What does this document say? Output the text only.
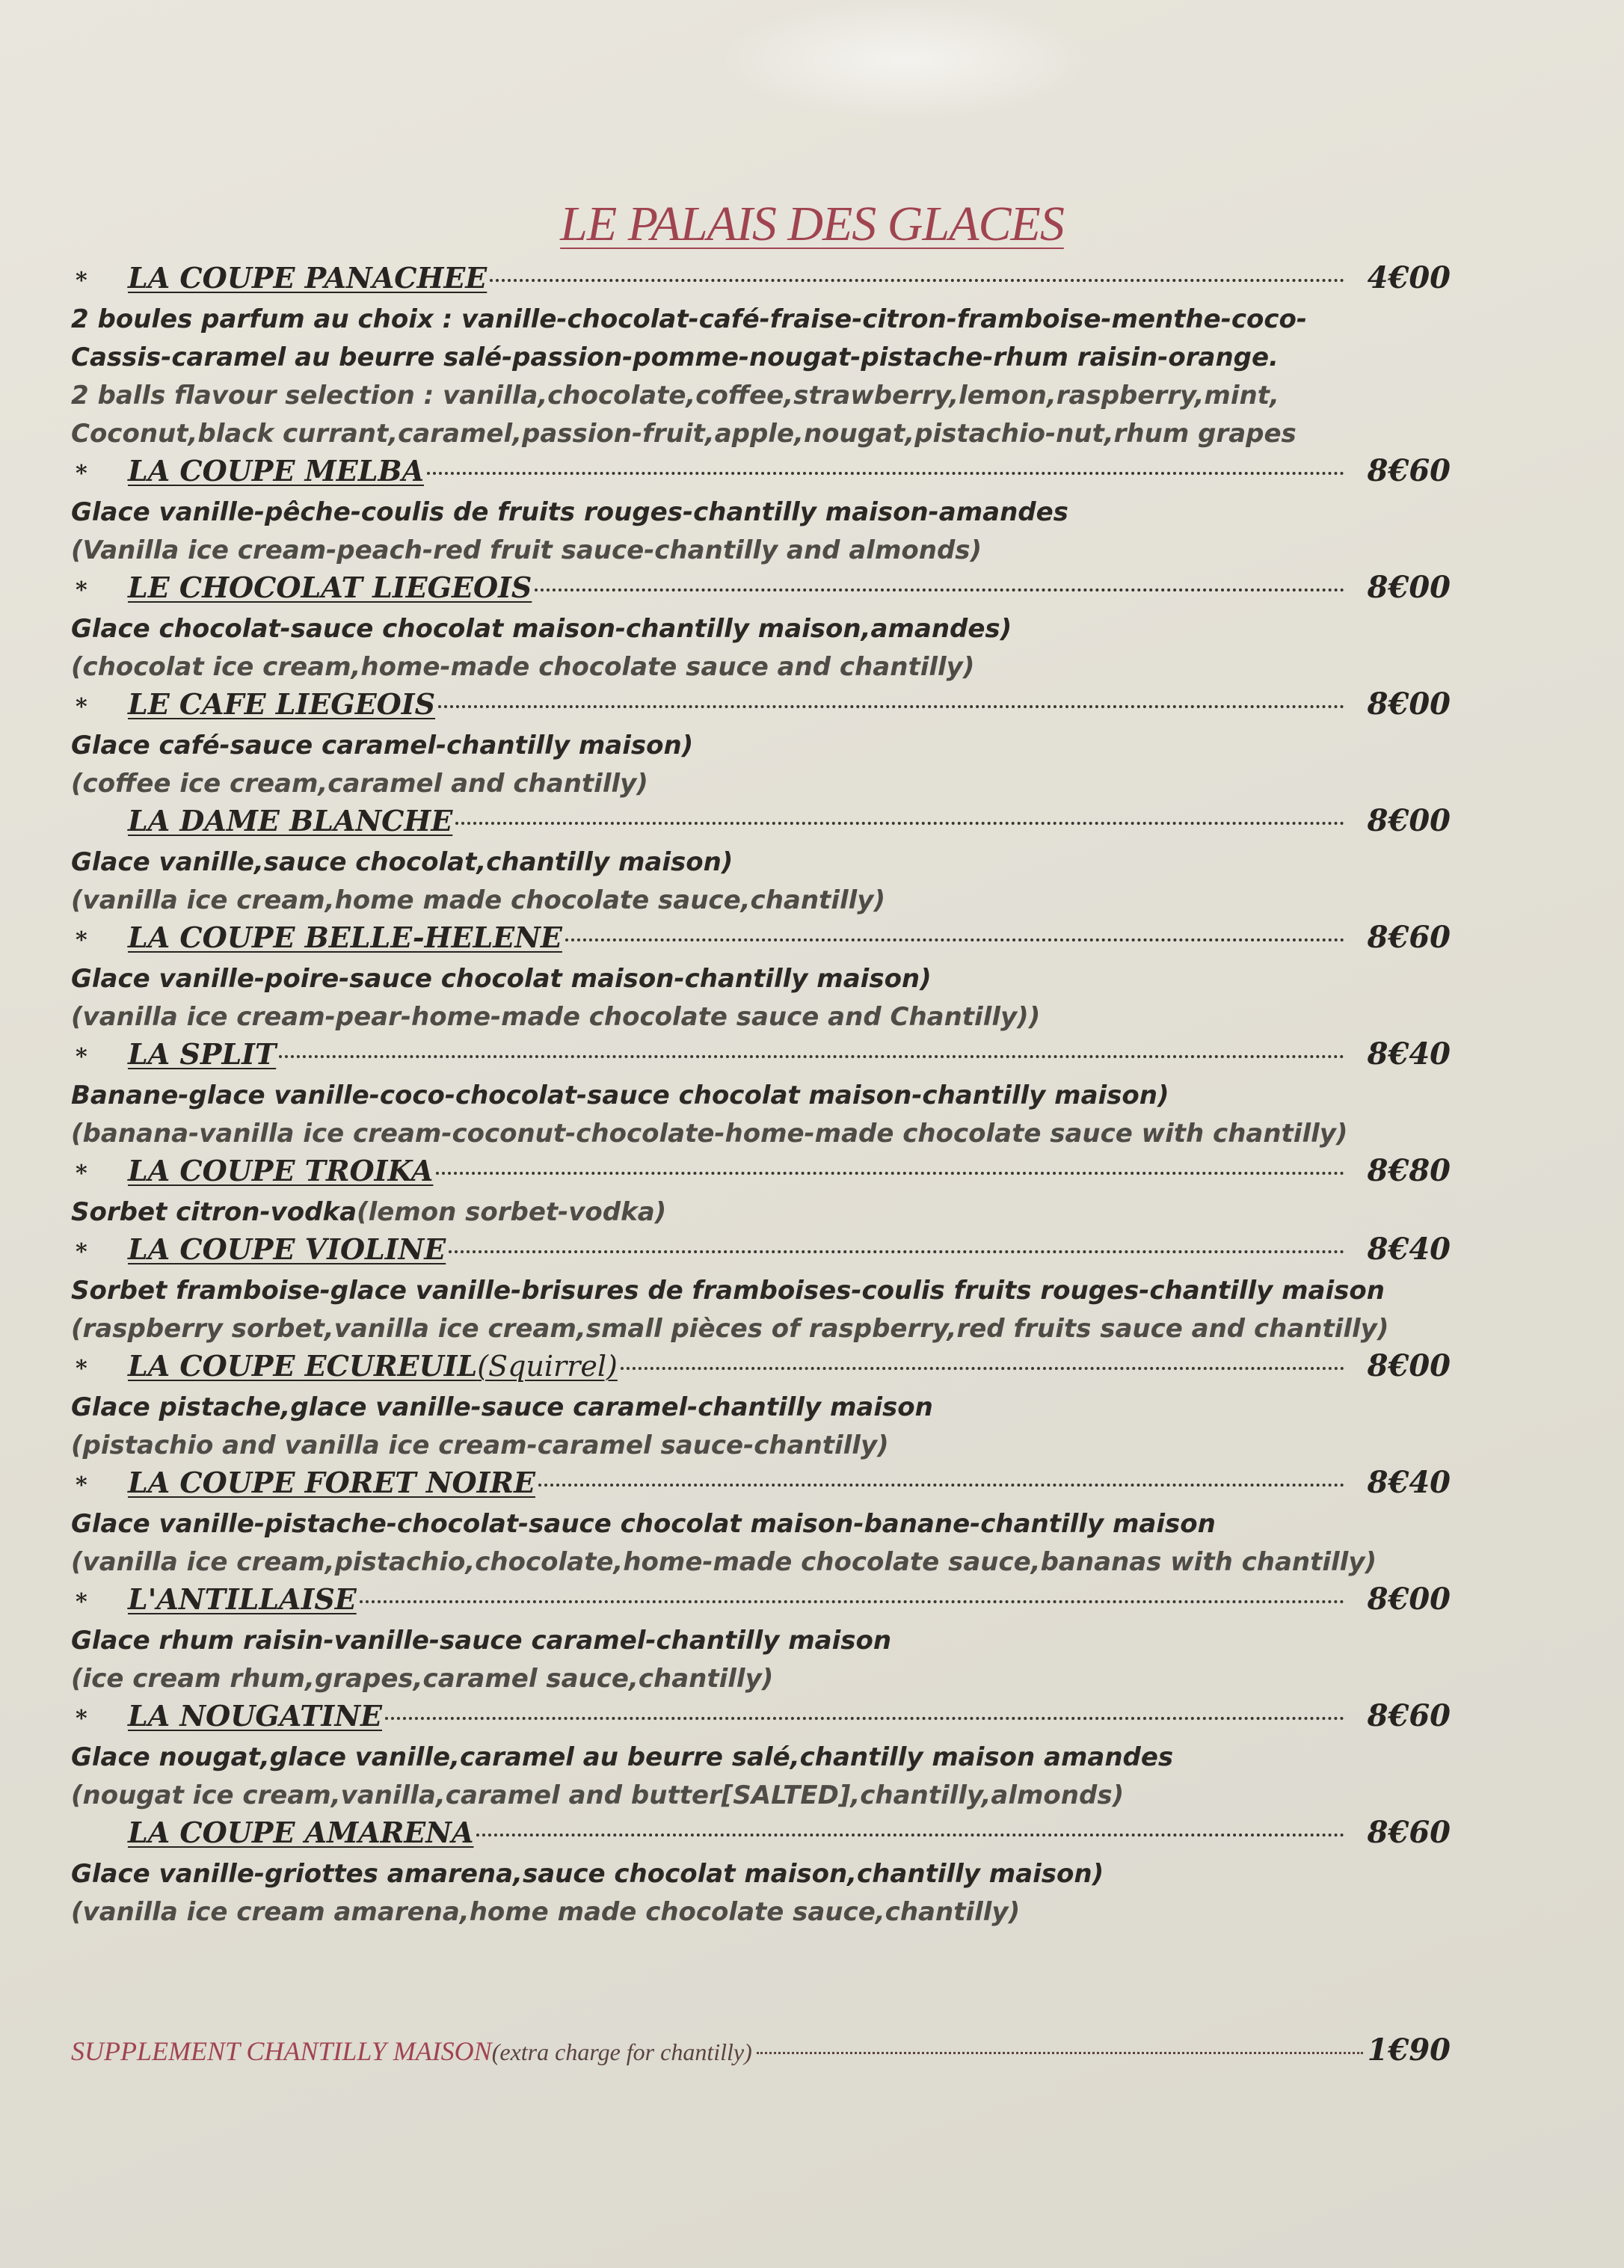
LE PALAIS DES GLACES
*	LA COUPE PANACHEE	4€00
2 boules parfum au choix : vanille-chocolat-café-fraise-citron-framboise-menthe-coco-
Cassis-caramel au beurre salé-passion-pomme-nougat-pistache-rhum raisin-orange.
2 balls flavour selection : vanilla,chocolate,coffee,strawberry,lemon,raspberry,mint,
Coconut,black currant,caramel,passion-fruit,apple,nougat,pistachio-nut,rhum grapes
*	LA COUPE MELBA	8€60
Glace vanille-pêche-coulis de fruits rouges-chantilly maison-amandes
(Vanilla ice cream-peach-red fruit sauce-chantilly and almonds)
*	LE CHOCOLAT LIEGEOIS	8€00
Glace chocolat-sauce chocolat maison-chantilly maison,amandes)
(chocolat ice cream,home-made chocolate sauce and chantilly)
*	LE CAFE LIEGEOIS	8€00
Glace café-sauce caramel-chantilly maison)
(coffee ice cream,caramel and chantilly)
LA DAME BLANCHE	8€00
Glace vanille,sauce chocolat,chantilly maison)
(vanilla ice cream,home made chocolate sauce,chantilly)
*	LA COUPE BELLE-HELENE	8€60
Glace vanille-poire-sauce chocolat maison-chantilly maison)
(vanilla ice cream-pear-home-made chocolate sauce and Chantilly))
*	LA SPLIT	8€40
Banane-glace vanille-coco-chocolat-sauce chocolat maison-chantilly maison)
(banana-vanilla ice cream-coconut-chocolate-home-made chocolate sauce with chantilly)
*	LA COUPE TROIKA	8€80
Sorbet citron-vodka(lemon sorbet-vodka)
*	LA COUPE VIOLINE	8€40
Sorbet framboise-glace vanille-brisures de framboises-coulis fruits rouges-chantilly maison
(raspberry sorbet,vanilla ice cream,small pièces of raspberry,red fruits sauce and chantilly)
*	LA COUPE ECUREUIL(Squirrel)	8€00
Glace pistache,glace vanille-sauce caramel-chantilly maison
(pistachio and vanilla ice cream-caramel sauce-chantilly)
*	LA COUPE FORET NOIRE	8€40
Glace vanille-pistache-chocolat-sauce chocolat maison-banane-chantilly maison
(vanilla ice cream,pistachio,chocolate,home-made chocolate sauce,bananas with chantilly)
*	L'ANTILLAISE	8€00
Glace rhum raisin-vanille-sauce caramel-chantilly maison
(ice cream rhum,grapes,caramel sauce,chantilly)
*	LA NOUGATINE	8€60
Glace nougat,glace vanille,caramel au beurre salé,chantilly maison amandes
(nougat ice cream,vanilla,caramel and butter[SALTED],chantilly,almonds)
LA COUPE AMARENA	8€60
Glace vanille-griottes amarena,sauce chocolat maison,chantilly maison)
(vanilla ice cream amarena,home made chocolate sauce,chantilly)
SUPPLEMENT CHANTILLY MAISON (extra charge for chantilly)	1€90
